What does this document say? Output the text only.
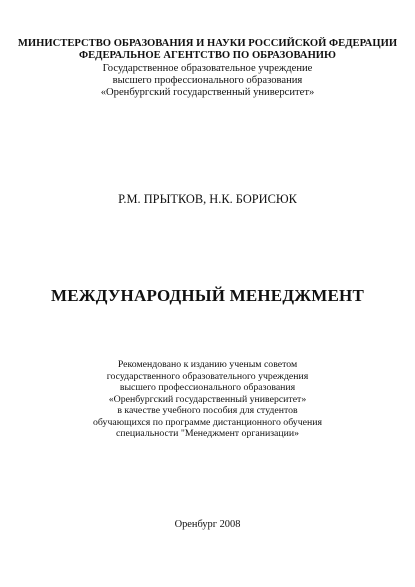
МИНИСТЕРСТВО ОБРАЗОВАНИЯ И НАУКИ РОССИЙСКОЙ ФЕДЕРАЦИИ
ФЕДЕРАЛЬНОЕ АГЕНТСТВО ПО ОБРАЗОВАНИЮ
Государственное образовательное учреждение
высшего профессионального образования
«Оренбургский государственный университет»
Р.М. ПРЫТКОВ, Н.К. БОРИСЮК
МЕЖДУНАРОДНЫЙ МЕНЕДЖМЕНТ
Рекомендовано к изданию ученым советом
государственного образовательного учреждения
высшего профессионального образования
«Оренбургский государственный университет»
в качестве учебного пособия для студентов
обучающихся по программе дистанционного обучения
специальности "Менеджмент организации»
Оренбург 2008
